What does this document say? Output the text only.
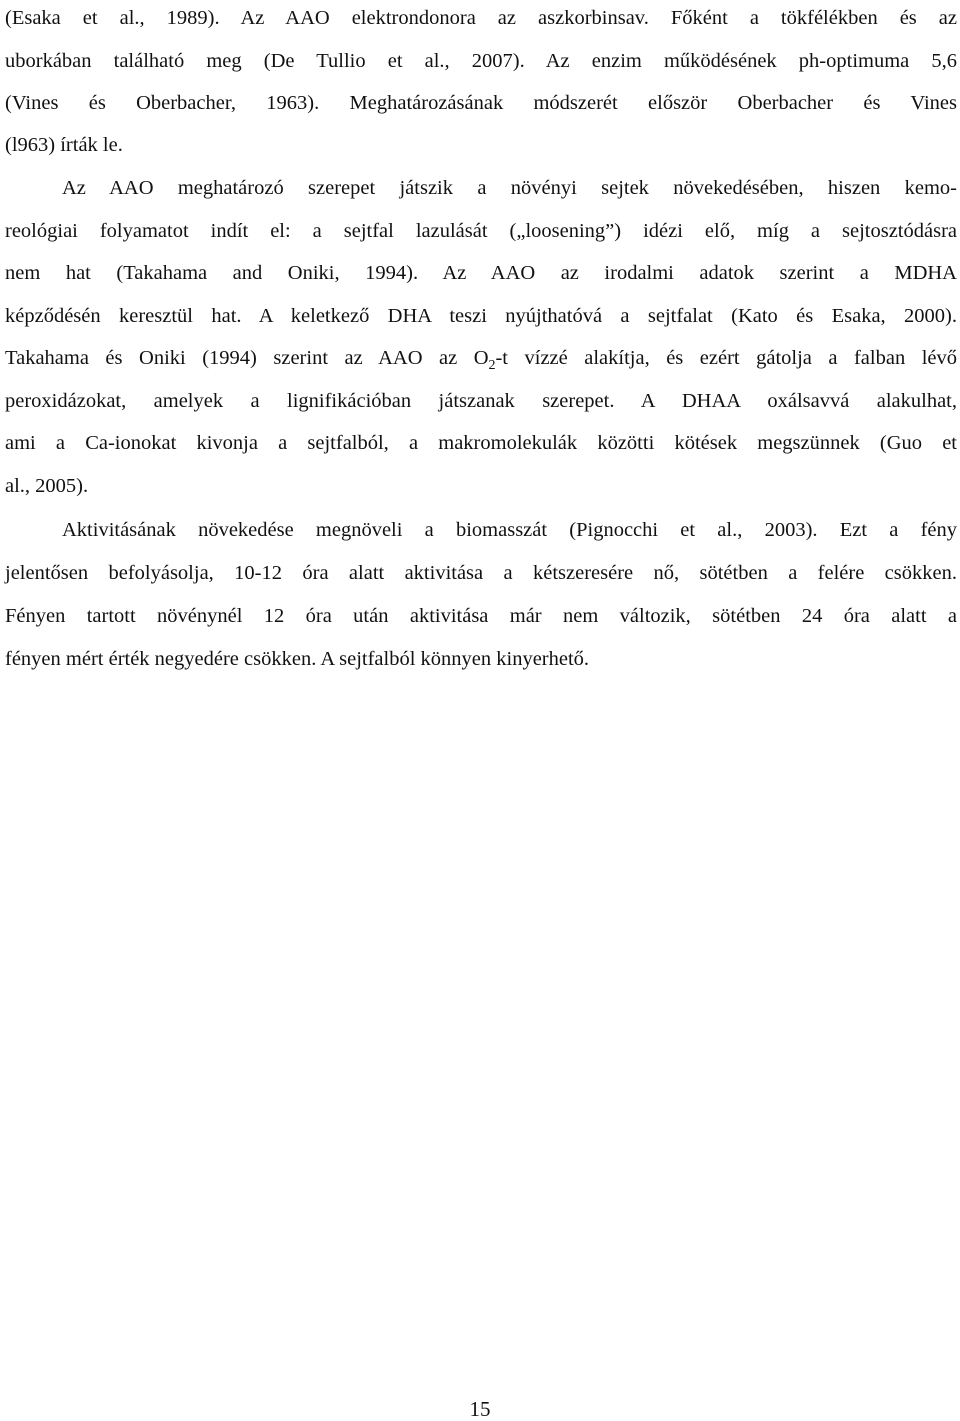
(Esaka et al., 1989). Az AAO elektrondonora az aszkorbinsav. Főként a tökfélékben és az
uborkában található meg (De Tullio et al., 2007). Az enzim működésének ph-optimuma 5,6
(Vines és Oberbacher, 1963). Meghatározásának módszerét először Oberbacher és Vines
(l963) írták le.
Az AAO meghatározó szerepet játszik a növényi sejtek növekedésében, hiszen kemo-
reológiai folyamatot indít el: a sejtfal lazulását („loosening”) idézi elő, míg a sejtosztódásra
nem hat (Takahama and Oniki, 1994). Az AAO az irodalmi adatok szerint a MDHA
képződésén keresztül hat. A keletkező DHA teszi nyújthatóvá a sejtfalat (Kato és Esaka, 2000).
Takahama és Oniki (1994) szerint az AAO az $O_2-t$ vízzé alakítja, és ezért gátolja a falban lévő
peroxidázokat, amelyek a lignifikációban játszanak szerepet. A DHAA oxálsavvá alakulhat,
ami a Ca-ionokat kivonja a sejtfalból, a makromolekulák közötti kötések megszünnek (Guo et
al., 2005).
Aktivitásának növekedése megnöveli a biomasszát (Pignocchi et al., 2003). Ezt a fény
jelentősen befolyásolja, 10-12 óra alatt aktivitása a kétszeresére nő, sötétben a felére csökken.
Fényen tartott növénynél 12 óra után aktivitása már nem változik, sötétben 24 óra alatt a
fényen mért érték negyedére csökken. A sejtfalból könnyen kinyerhető.
15
